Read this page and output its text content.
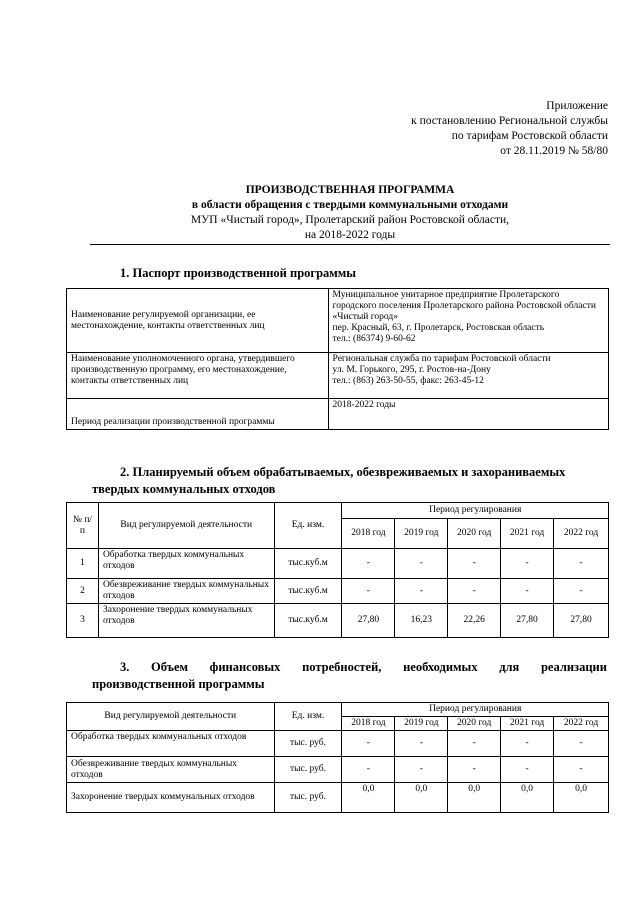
Приложение
к постановлению Региональной службы
по тарифам Ростовской области
от 28.11.2019 № 58/80
ПРОИЗВОДСТВЕННАЯ ПРОГРАММА
в области обращения с твердыми коммунальными отходами
МУП «Чистый город», Пролетарский район Ростовской области,
на 2018-2022 годы
1. Паспорт производственной программы
Наименование регулируемой организации, ее местонахождение, контакты ответственных лиц	Муниципальное унитарное предприятие Пролетарского городского поселения Пролетарского района Ростовской области «Чистый город»
пер. Красный, 63, г. Пролетарск, Ростовская область
тел.: (86374) 9-60-62

Наименование уполномоченного органа, утвердившего производственную программу, его местонахождение, контакты ответственных лиц	Региональная служба по тарифам Ростовской области
ул. М. Горького, 295, г. Ростов-на-Дону
тел.: (863) 263-50-55, факс: 263-45-12

Период реализации производственной программы	2018-2022 годы
2. Планируемый объем обрабатываемых, обезвреживаемых и захораниваемых
твердых коммунальных отходов
№ п/п	Вид регулируемой деятельности	Ед. изм.	Период регулирования				
			2018 год	2019 год	2020 год	2021 год	2022 год
1	Обработка твердых коммунальных отходов	тыс.куб.м	-	-	-	-	-
2	Обезвреживание твердых коммунальных отходов	тыс.куб.м	-	-	-	-	-
3	Захоронение твердых коммунальных отходов	тыс.куб.м	27,80	16,23	22,26	27,80	27,80
3. Объем финансовых потребностей, необходимых для реализации
производственной программы
Вид регулируемой деятельности	Ед. изм.	Период регулирования				
		2018 год	2019 год	2020 год	2021 год	2022 год
Обработка твердых коммунальных отходов	тыс. руб.	-	-	-	-	-
Обезвреживание твердых коммунальных отходов	тыс. руб.	-	-	-	-	-
Захоронение твердых коммунальных отходов	тыс. руб.	0,0	0,0	0,0	0,0	0,0
